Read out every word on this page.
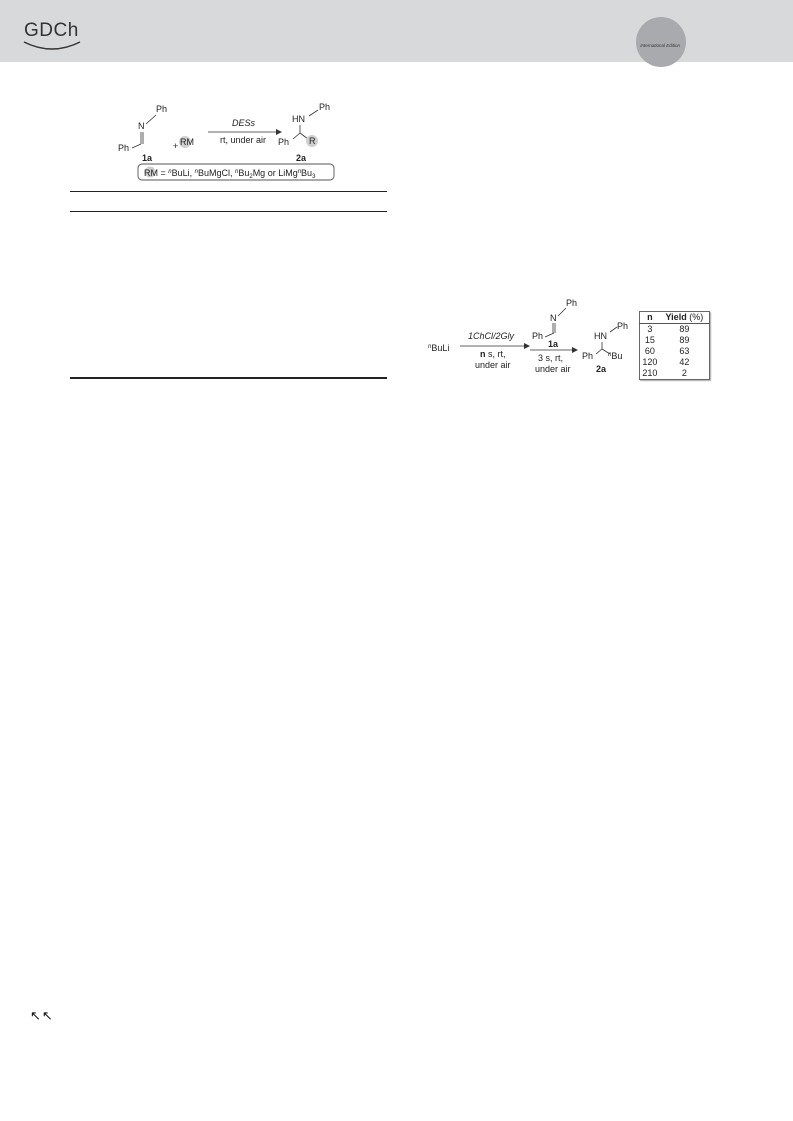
GDCh
International Edition
Ph
N
Ph
1a
+ RM
DESs
rt, under air
HN
Ph
Ph R
2a
RM = $^n$BuLi, $^n$BuMgCl, $^nBu_2Mg$ or $LiMg^nBu_3$
$^n$BuLi
1ChCl/2Gly
n s, rt,
under air
Ph
N
Ph
1a
3 s, rt,
under air
HN
Ph
Ph $^n$Bu
2a
n	Yield (%)
3	89
15	89
60	63
120	42
210	2
↖↖
